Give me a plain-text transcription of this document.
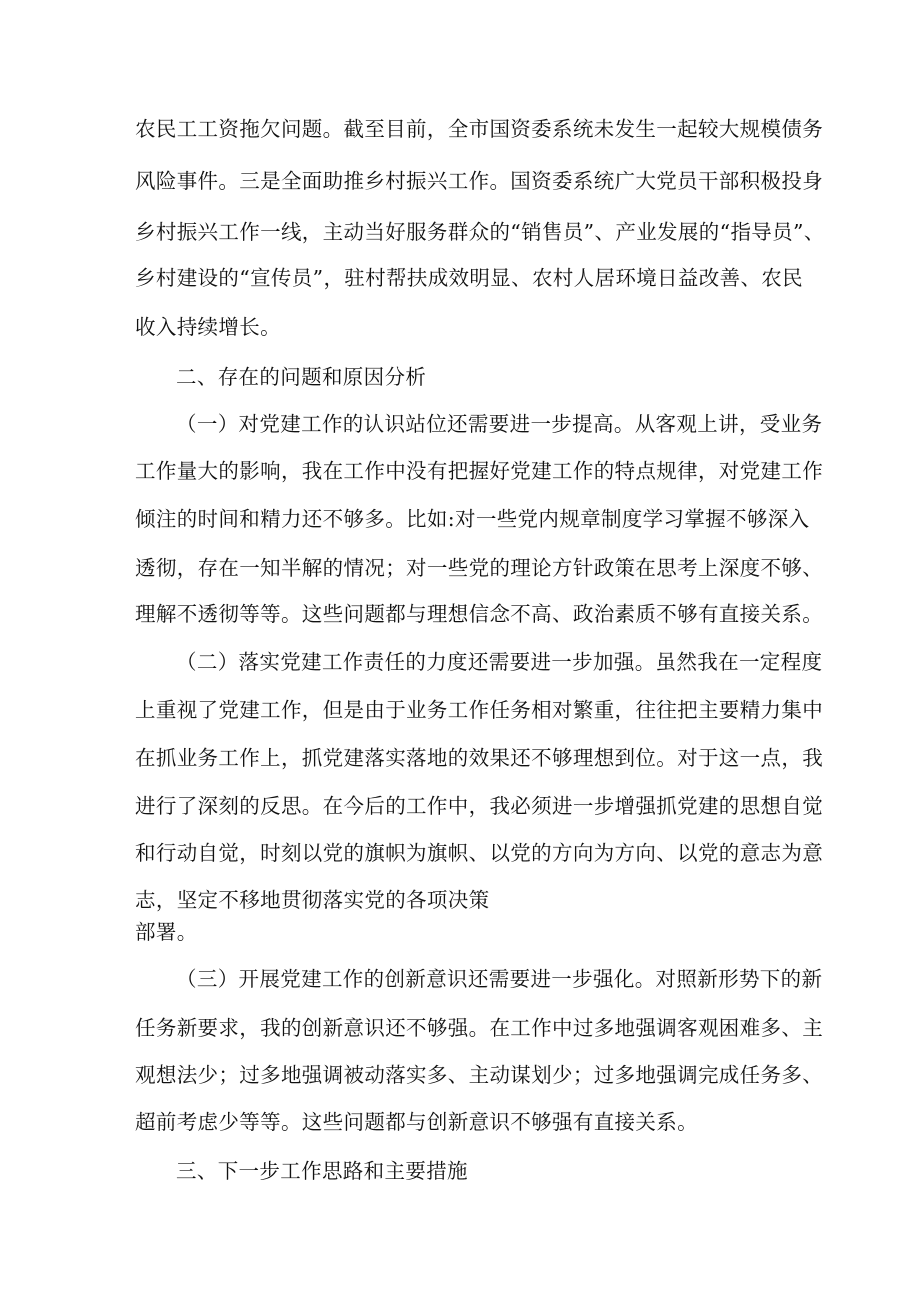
农民工工资拖欠问题。截至目前，全市国资委系统未发生一起较大规模债务
风险事件。三是全面助推乡村振兴工作。国资委系统广大党员干部积极投身
乡村振兴工作一线，主动当好服务群众的“销售员”、产业发展的“指导员”、
乡村建设的“宣传员”，驻村帮扶成效明显、农村人居环境日益改善、农民
收入持续增长。
二、存在的问题和原因分析
（一）对党建工作的认识站位还需要进一步提高。从客观上讲，受业务
工作量大的影响，我在工作中没有把握好党建工作的特点规律，对党建工作
倾注的时间和精力还不够多。比如:对一些党内规章制度学习掌握不够深入
透彻，存在一知半解的情况；对一些党的理论方针政策在思考上深度不够、
理解不透彻等等。这些问题都与理想信念不高、政治素质不够有直接关系。
（二）落实党建工作责任的力度还需要进一步加强。虽然我在一定程度
上重视了党建工作，但是由于业务工作任务相对繁重，往往把主要精力集中
在抓业务工作上，抓党建落实落地的效果还不够理想到位。对于这一点，我
进行了深刻的反思。在今后的工作中，我必须进一步增强抓党建的思想自觉
和行动自觉，时刻以党的旗帜为旗帜、以党的方向为方向、以党的意志为意
志，坚定不移地贯彻落实党的各项决策
部署。
（三）开展党建工作的创新意识还需要进一步强化。对照新形势下的新
任务新要求，我的创新意识还不够强。在工作中过多地强调客观困难多、主
观想法少；过多地强调被动落实多、主动谋划少；过多地强调完成任务多、
超前考虑少等等。这些问题都与创新意识不够强有直接关系。
三、下一步工作思路和主要措施
